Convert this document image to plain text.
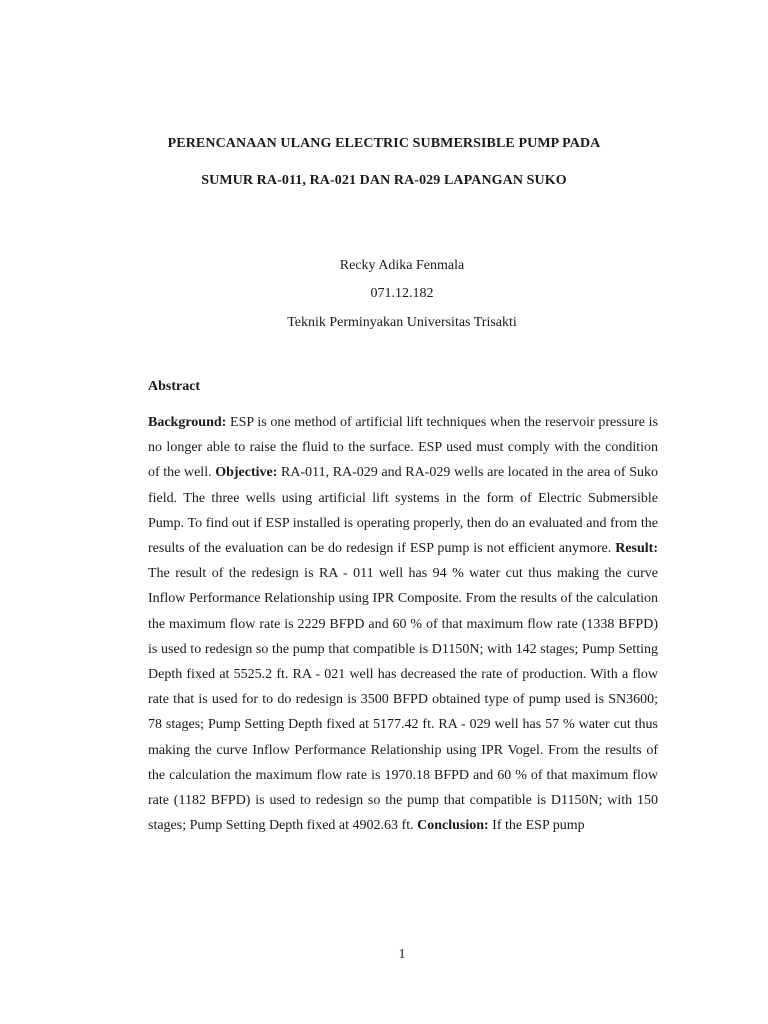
PERENCANAAN ULANG ELECTRIC SUBMERSIBLE PUMP PADA
SUMUR RA-011, RA-021 DAN RA-029 LAPANGAN SUKO
Recky Adika Fenmala
071.12.182
Teknik Perminyakan Universitas Trisakti
Abstract
Background: ESP is one method of artificial lift techniques when the reservoir pressure is no longer able to raise the fluid to the surface. ESP used must comply with the condition of the well. Objective: RA-011, RA-029 and RA-029 wells are located in the area of Suko field. The three wells using artificial lift systems in the form of Electric Submersible Pump. To find out if ESP installed is operating properly, then do an evaluated and from the results of the evaluation can be do redesign if ESP pump is not efficient anymore. Result: The result of the redesign is RA - 011 well has 94 % water cut thus making the curve Inflow Performance Relationship using IPR Composite. From the results of the calculation the maximum flow rate is 2229 BFPD and 60 % of that maximum flow rate (1338 BFPD) is used to redesign so the pump that compatible is D1150N; with 142 stages; Pump Setting Depth fixed at 5525.2 ft. RA - 021 well has decreased the rate of production. With a flow rate that is used for to do redesign is 3500 BFPD obtained type of pump used is SN3600; 78 stages; Pump Setting Depth fixed at 5177.42 ft. RA - 029 well has 57 % water cut thus making the curve Inflow Performance Relationship using IPR Vogel. From the results of the calculation the maximum flow rate is 1970.18 BFPD and 60 % of that maximum flow rate (1182 BFPD) is used to redesign so the pump that compatible is D1150N; with 150 stages; Pump Setting Depth fixed at 4902.63 ft. Conclusion: If the ESP pump
1
